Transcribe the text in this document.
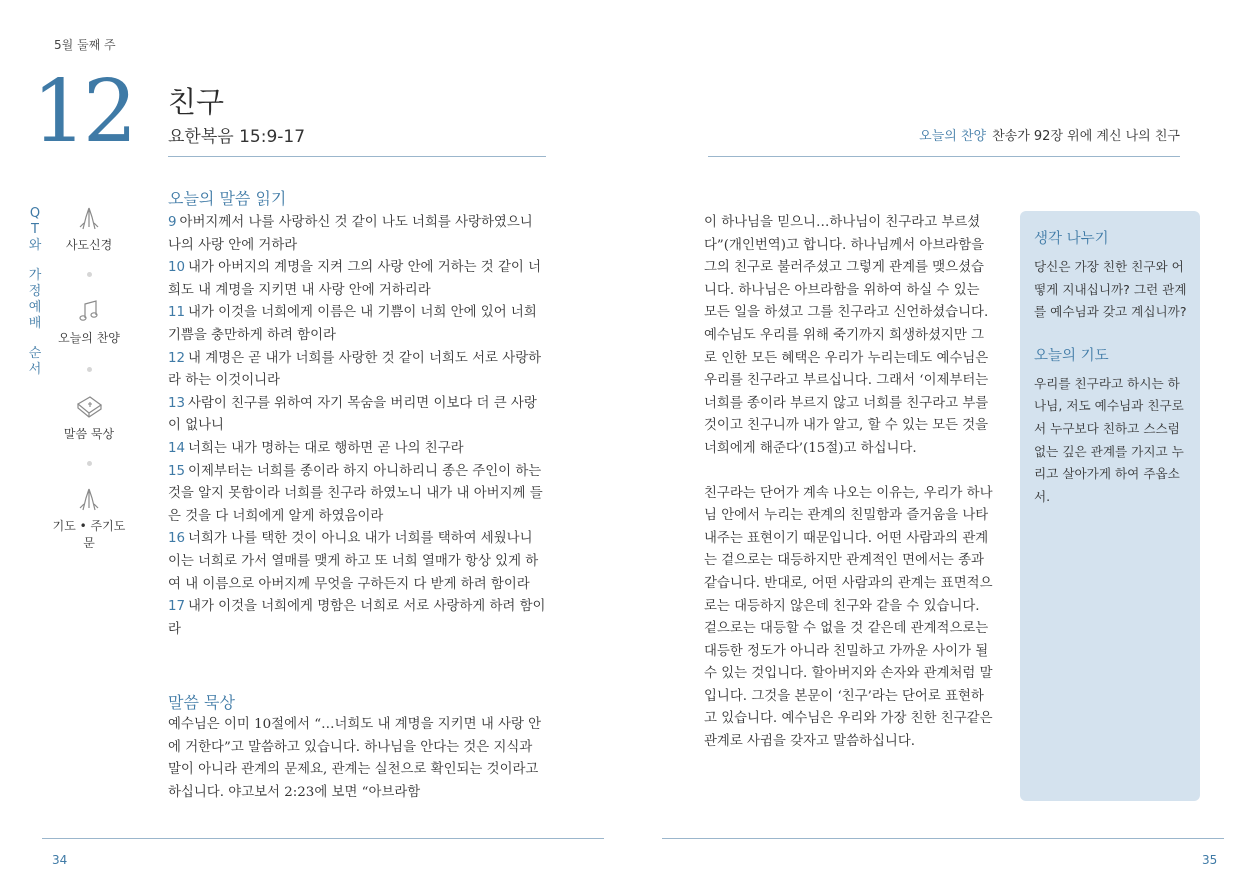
5월 둘째 주
12 친구
요한복음 15:9-17	오늘의 찬양 찬송가 92장 위에 계신 나의 친구
Q
T
와
가
정
예
배
순
서
사도신경
오늘의 찬양
말씀 묵상
기도 • 주기도문
오늘의 말씀 읽기

9 아버지께서 나를 사랑하신 것 같이 나도 너희를 사랑하였으니 나의 사랑 안에 거하라

10 내가 아버지의 계명을 지켜 그의 사랑 안에 거하는 것 같이 너희도 내 계명을 지키면 내 사랑 안에 거하리라

11 내가 이것을 너희에게 이름은 내 기쁨이 너희 안에 있어 너희 기쁨을 충만하게 하려 함이라

12 내 계명은 곧 내가 너희를 사랑한 것 같이 너희도 서로 사랑하라 하는 이것이니라

13 사람이 친구를 위하여 자기 목숨을 버리면 이보다 더 큰 사랑이 없나니

14 너희는 내가 명하는 대로 행하면 곧 나의 친구라

15 이제부터는 너희를 종이라 하지 아니하리니 종은 주인이 하는 것을 알지 못함이라 너희를 친구라 하였노니 내가 내 아버지께 들은 것을 다 너희에게 알게 하였음이라

16 너희가 나를 택한 것이 아니요 내가 너희를 택하여 세웠나니 이는 너희로 가서 열매를 맺게 하고 또 너희 열매가 항상 있게 하여 내 이름으로 아버지께 무엇을 구하든지 다 받게 하려 함이라

17 내가 이것을 너희에게 명함은 너희로 서로 사랑하게 하려 함이라

말씀 묵상
예수님은 이미 10절에서 “…너희도 내 계명을 지키면 내 사랑 안에 거한다”고 말씀하고 있습니다. 하나님을 안다는 것은 지식과 말이 아니라 관계의 문제요, 관계는 실천으로 확인되는 것이라고 하십니다. 야고보서 2:23에 보면 “아브라함

이 하나님을 믿으니…하나님이 친구라고 부르셨다”(개인번역)고 합니다. 하나님께서 아브라함을 그의 친구로 불러주셨고 그렇게 관계를 맺으셨습니다. 하나님은 아브라함을 위하여 하실 수 있는 모든 일을 하셨고 그를 친구라고 신언하셨습니다. 예수님도 우리를 위해 죽기까지 희생하셨지만 그로 인한 모든 혜택은 우리가 누리는데도 예수님은 우리를 친구라고 부르십니다. 그래서 ‘이제부터는 너희를 종이라 부르지 않고 너희를 친구라고 부를 것이고 친구니까 내가 알고, 할 수 있는 모든 것을 너희에게 해준다’(15절)고 하십니다.

친구라는 단어가 계속 나오는 이유는, 우리가 하나님 안에서 누리는 관계의 친밀함과 즐거움을 나타내주는 표현이기 때문입니다. 어떤 사람과의 관계는 겉으로는 대등하지만 관계적인 면에서는 종과 같습니다. 반대로, 어떤 사람과의 관계는 표면적으로는 대등하지 않은데 친구와 같을 수 있습니다. 겉으로는 대등할 수 없을 것 같은데 관계적으로는 대등한 정도가 아니라 친밀하고 가까운 사이가 될 수 있는 것입니다. 할아버지와 손자와 관계처럼 말입니다. 그것을 본문이 ‘친구’라는 단어로 표현하고 있습니다. 예수님은 우리와 가장 친한 친구같은 관계로 사귐을 갖자고 말씀하십니다.

생각 나누기
당신은 가장 친한 친구와 어떻게 지내십니까? 그런 관계를 예수님과 갖고 계십니까?
오늘의 기도
우리를 친구라고 하시는 하나님, 저도 예수님과 친구로서 누구보다 친하고 스스럼없는 깊은 관계를 가지고 누리고 살아가게 하여 주옵소서.
34	35
